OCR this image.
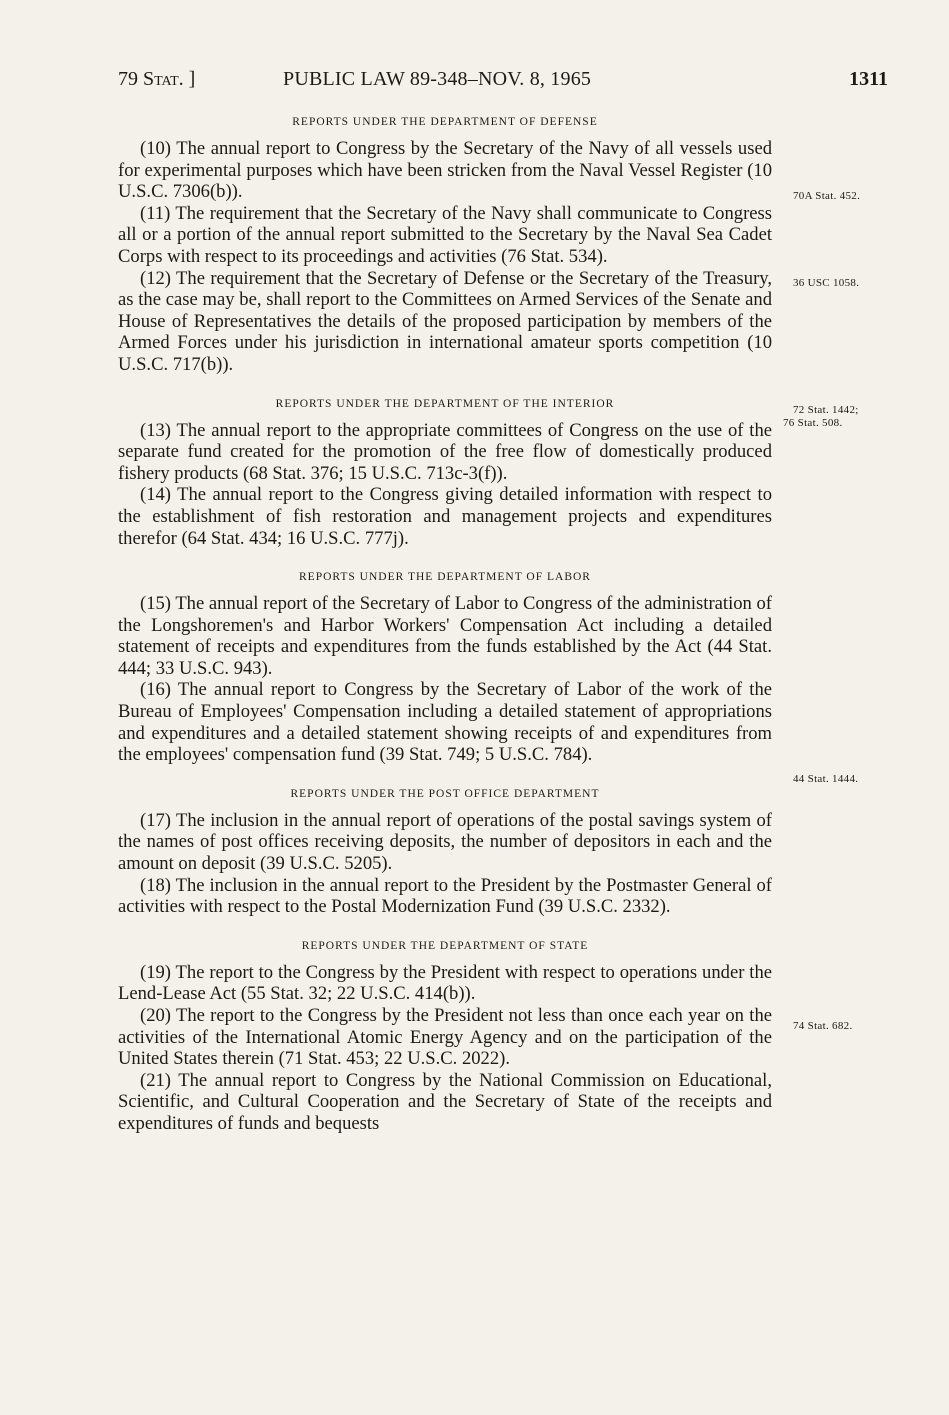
79 Stat. ]	PUBLIC LAW 89-348–NOV. 8, 1965	1311
REPORTS UNDER THE DEPARTMENT OF DEFENSE

(10) The annual report to Congress by the Secretary of the Navy of all vessels used for experimental purposes which have been stricken from the Naval Vessel Register (10 U.S.C. 7306(b)).

(11) The requirement that the Secretary of the Navy shall communicate to Congress all or a portion of the annual report submitted to the Secretary by the Naval Sea Cadet Corps with respect to its proceedings and activities (76 Stat. 534).

(12) The requirement that the Secretary of Defense or the Secretary of the Treasury, as the case may be, shall report to the Committees on Armed Services of the Senate and House of Representatives the details of the proposed participation by members of the Armed Forces under his jurisdiction in international amateur sports competition (10 U.S.C. 717(b)).

REPORTS UNDER THE DEPARTMENT OF THE INTERIOR

(13) The annual report to the appropriate committees of Congress on the use of the separate fund created for the promotion of the free flow of domestically produced fishery products (68 Stat. 376; 15 U.S.C. 713c-3(f)).

(14) The annual report to the Congress giving detailed information with respect to the establishment of fish restoration and management projects and expenditures therefor (64 Stat. 434; 16 U.S.C. 777j).

REPORTS UNDER THE DEPARTMENT OF LABOR

(15) The annual report of the Secretary of Labor to Congress of the administration of the Longshoremen's and Harbor Workers' Compensation Act including a detailed statement of receipts and expenditures from the funds established by the Act (44 Stat. 444; 33 U.S.C. 943).

(16) The annual report to Congress by the Secretary of Labor of the work of the Bureau of Employees' Compensation including a detailed statement of appropriations and expenditures and a detailed statement showing receipts of and expenditures from the employees' compensation fund (39 Stat. 749; 5 U.S.C. 784).

REPORTS UNDER THE POST OFFICE DEPARTMENT

(17) The inclusion in the annual report of operations of the postal savings system of the names of post offices receiving deposits, the number of depositors in each and the amount on deposit (39 U.S.C. 5205).

(18) The inclusion in the annual report to the President by the Postmaster General of activities with respect to the Postal Modernization Fund (39 U.S.C. 2332).

REPORTS UNDER THE DEPARTMENT OF STATE

(19) The report to the Congress by the President with respect to operations under the Lend-Lease Act (55 Stat. 32; 22 U.S.C. 414(b)).

(20) The report to the Congress by the President not less than once each year on the activities of the International Atomic Energy Agency and on the participation of the United States therein (71 Stat. 453; 22 U.S.C. 2022).

(21) The annual report to Congress by the National Commission on Educational, Scientific, and Cultural Cooperation and the Secretary of State of the receipts and expenditures of funds and bequests

70A Stat. 452.
36 USC 1058.
72 Stat. 1442;
76 Stat. 508.
44 Stat. 1444.
74 Stat. 682.
